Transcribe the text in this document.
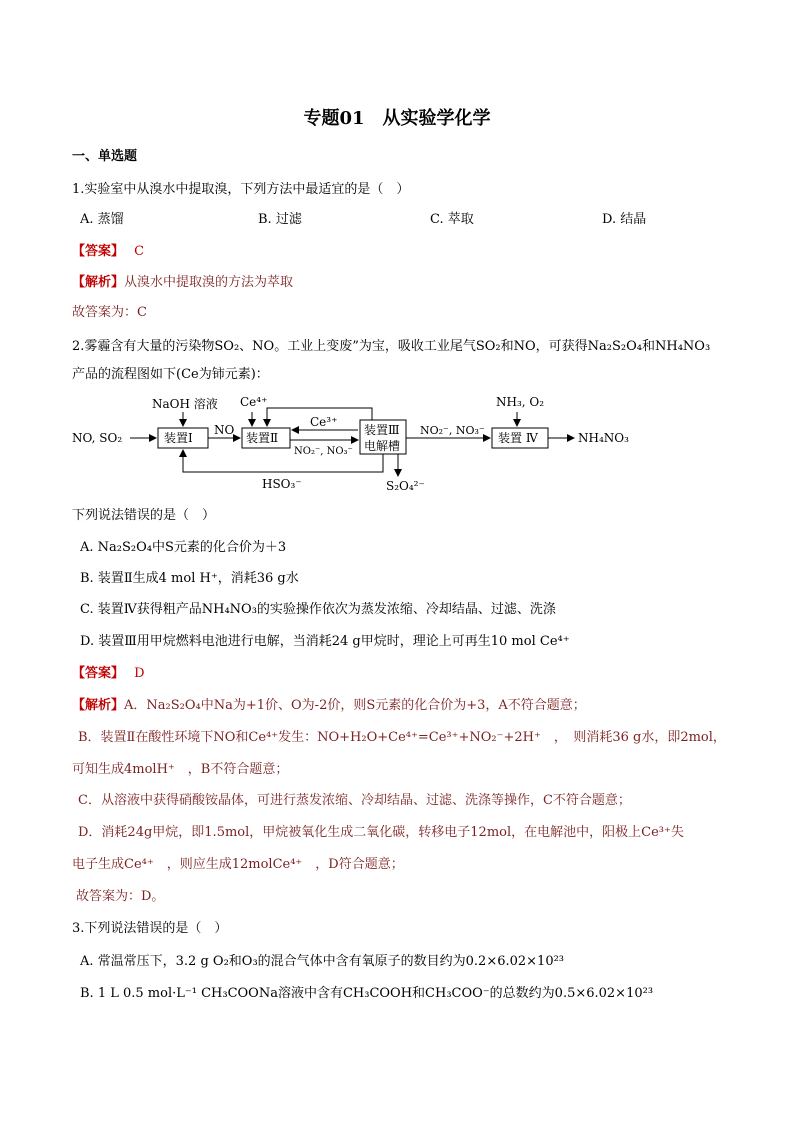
专题01　从实验学化学
一、单选题
1.实验室中从溴水中提取溴，下列方法中最适宜的是（　）
A. 蒸馏	B. 过滤	C. 萃取	D. 结晶
【答案】 C
【解析】从溴水中提取溴的方法为萃取
故答案为：C
2.雾霾含有大量的污染物SO₂、NO。工业上变废”为宝，吸收工业尾气SO₂和NO，可获得Na₂S₂O₄和NH₄NO₃
产品的流程图如下(Ce为铈元素)：
NO, SO₂
NaOH 溶液
装置Ⅰ
NO
Ce⁴⁺
装置Ⅱ
Ce³⁺
NO₂⁻, NO₃⁻
装置Ⅲ
电解槽
NO₂⁻, NO₃⁻
NH₃, O₂
装置 Ⅳ	NH₄NO₃
HSO₃⁻	S₂O₄²⁻
下列说法错误的是（　）
A. Na₂S₂O₄中S元素的化合价为＋3
B. 装置Ⅱ生成4 mol H⁺，消耗36 g水
C. 装置Ⅳ获得粗产品NH₄NO₃的实验操作依次为蒸发浓缩、冷却结晶、过滤、洗涤
D. 装置Ⅲ用甲烷燃料电池进行电解，当消耗24 g甲烷时，理论上可再生10 mol Ce⁴⁺
【答案】 D
【解析】A．Na₂S₂O₄中Na为+1价、O为-2价，则S元素的化合价为+3，A不符合题意；
B．装置Ⅱ在酸性环境下NO和Ce⁴⁺发生：NO+H₂O+Ce⁴⁺=Ce³⁺+NO₂⁻+2H⁺　，　则消耗36 g水，即2mol，
可知生成4molH⁺　，B不符合题意；
C．从溶液中获得硝酸铵晶体，可进行蒸发浓缩、冷却结晶、过滤、洗涤等操作，C不符合题意；
D．消耗24g甲烷，即1.5mol，甲烷被氧化生成二氧化碳，转移电子12mol，在电解池中，阳极上Ce³⁺失
电子生成Ce⁴⁺　，则应生成12molCe⁴⁺　，D符合题意；
故答案为：D。
3.下列说法错误的是（　）
A. 常温常压下，3.2 g O₂和O₃的混合气体中含有氧原子的数目约为0.2×6.02×10²³
B. 1 L 0.5 mol·L⁻¹ CH₃COONa溶液中含有CH₃COOH和CH₃COO⁻的总数约为0.5×6.02×10²³
